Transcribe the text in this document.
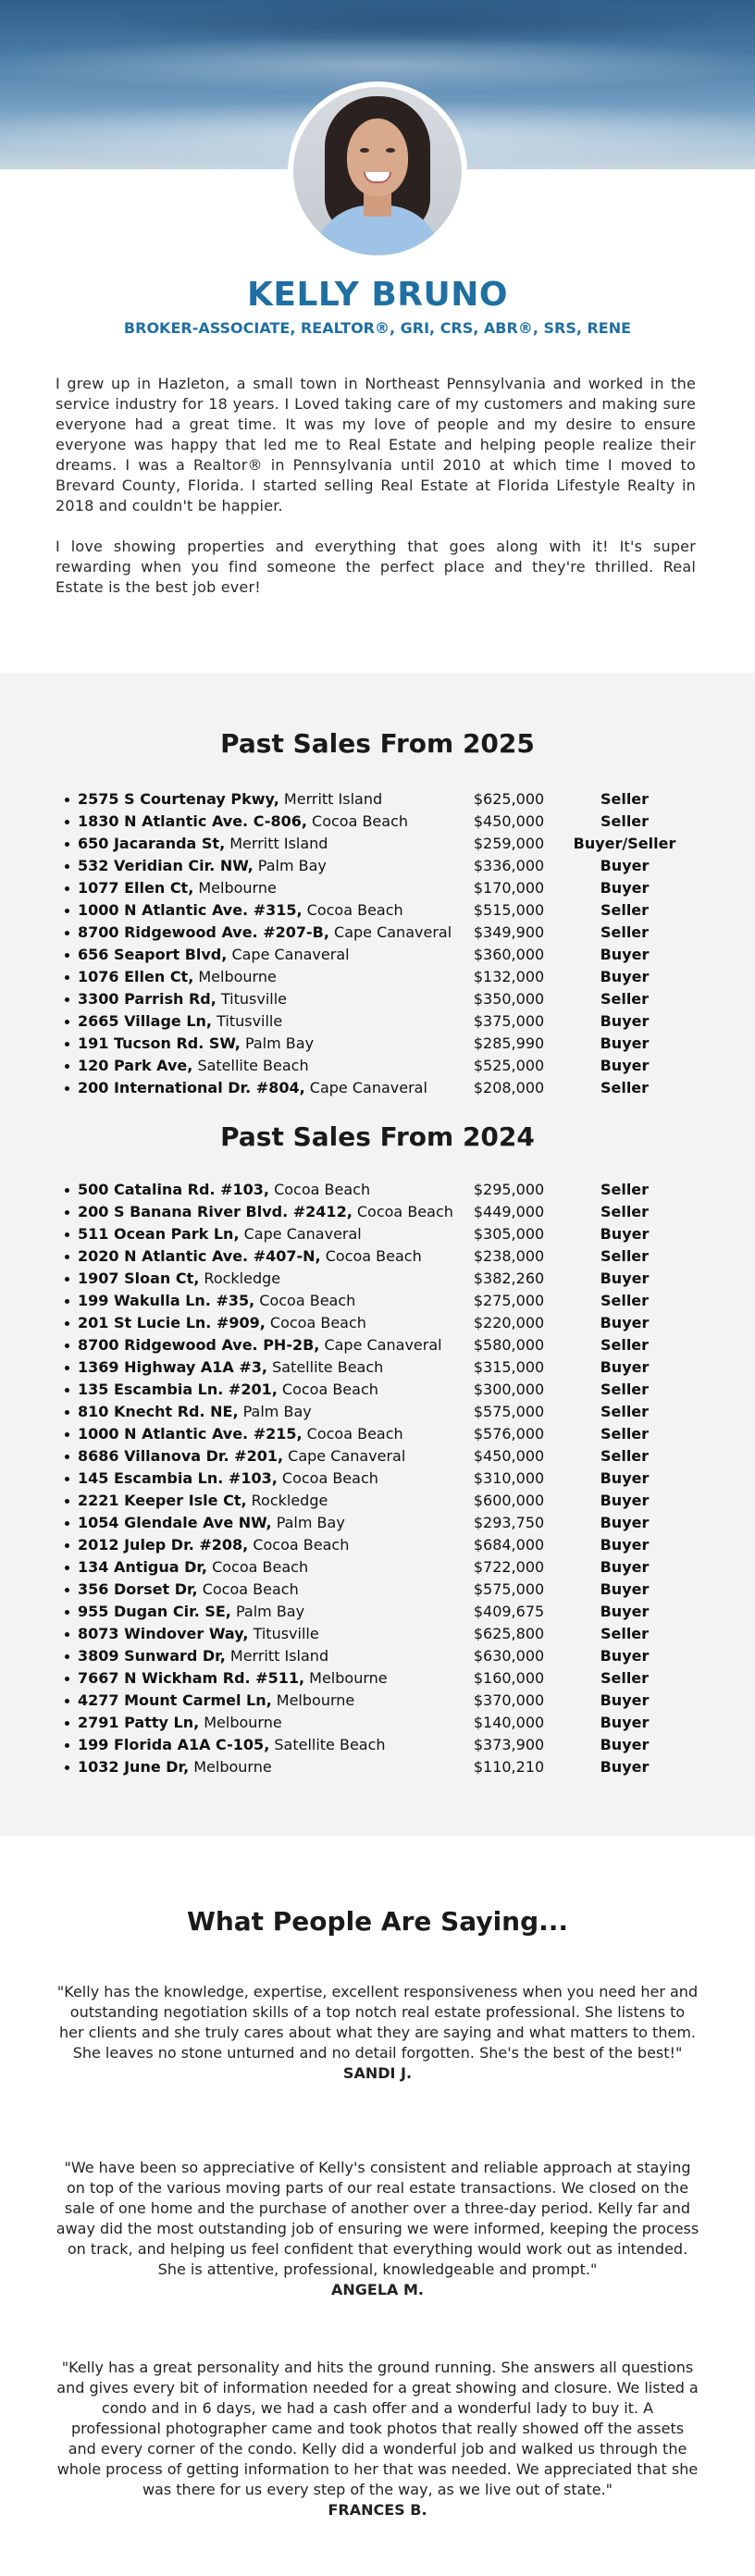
KELLY BRUNO
BROKER-ASSOCIATE, REALTOR®, GRI, CRS, ABR®, SRS, RENE

I grew up in Hazleton, a small town in Northeast Pennsylvania and worked in the service industry for 18 years. I Loved taking care of my customers and making sure everyone had a great time. It was my love of people and my desire to ensure everyone was happy that led me to Real Estate and helping people realize their dreams. I was a Realtor® in Pennsylvania until 2010 at which time I moved to Brevard County, Florida. I started selling Real Estate at Florida Lifestyle Realty in 2018 and couldn't be happier.

I love showing properties and everything that goes along with it! It's super rewarding when you find someone the perfect place and they're thrilled. Real Estate is the best job ever!

Past Sales From 2025
2575 S Courtenay Pkwy, Merritt Island	$625,000	Seller
1830 N Atlantic Ave. C-806, Cocoa Beach	$450,000	Seller
650 Jacaranda St, Merritt Island	$259,000	Buyer/Seller
532 Veridian Cir. NW, Palm Bay	$336,000	Buyer
1077 Ellen Ct, Melbourne	$170,000	Buyer
1000 N Atlantic Ave. #315, Cocoa Beach	$515,000	Seller
8700 Ridgewood Ave. #207-B, Cape Canaveral	$349,900	Seller
656 Seaport Blvd, Cape Canaveral	$360,000	Buyer
1076 Ellen Ct, Melbourne	$132,000	Buyer
3300 Parrish Rd, Titusville	$350,000	Seller
2665 Village Ln, Titusville	$375,000	Buyer
191 Tucson Rd. SW, Palm Bay	$285,990	Buyer
120 Park Ave, Satellite Beach	$525,000	Buyer
200 International Dr. #804, Cape Canaveral	$208,000	Seller
Past Sales From 2024
500 Catalina Rd. #103, Cocoa Beach	$295,000	Seller
200 S Banana River Blvd. #2412, Cocoa Beach	$449,000	Seller
511 Ocean Park Ln, Cape Canaveral	$305,000	Buyer
2020 N Atlantic Ave. #407-N, Cocoa Beach	$238,000	Seller
1907 Sloan Ct, Rockledge	$382,260	Buyer
199 Wakulla Ln. #35, Cocoa Beach	$275,000	Seller
201 St Lucie Ln. #909, Cocoa Beach	$220,000	Buyer
8700 Ridgewood Ave. PH-2B, Cape Canaveral	$580,000	Seller
1369 Highway A1A #3, Satellite Beach	$315,000	Buyer
135 Escambia Ln. #201, Cocoa Beach	$300,000	Seller
810 Knecht Rd. NE, Palm Bay	$575,000	Seller
1000 N Atlantic Ave. #215, Cocoa Beach	$576,000	Seller
8686 Villanova Dr. #201, Cape Canaveral	$450,000	Seller
145 Escambia Ln. #103, Cocoa Beach	$310,000	Buyer
2221 Keeper Isle Ct, Rockledge	$600,000	Buyer
1054 Glendale Ave NW, Palm Bay	$293,750	Buyer
2012 Julep Dr. #208, Cocoa Beach	$684,000	Buyer
134 Antigua Dr, Cocoa Beach	$722,000	Buyer
356 Dorset Dr, Cocoa Beach	$575,000	Buyer
955 Dugan Cir. SE, Palm Bay	$409,675	Buyer
8073 Windover Way, Titusville	$625,800	Seller
3809 Sunward Dr, Merritt Island	$630,000	Buyer
7667 N Wickham Rd. #511, Melbourne	$160,000	Seller
4277 Mount Carmel Ln, Melbourne	$370,000	Buyer
2791 Patty Ln, Melbourne	$140,000	Buyer
199 Florida A1A C-105, Satellite Beach	$373,900	Buyer
1032 June Dr, Melbourne	$110,210	Buyer
What People Are Saying...
"Kelly has the knowledge, expertise, excellent responsiveness when you need her and outstanding negotiation skills of a top notch real estate professional. She listens to her clients and she truly cares about what they are saying and what matters to them. She leaves no stone unturned and no detail forgotten. She's the best of the best!"
SANDI J.
"We have been so appreciative of Kelly's consistent and reliable approach at staying on top of the various moving parts of our real estate transactions. We closed on the sale of one home and the purchase of another over a three-day period. Kelly far and away did the most outstanding job of ensuring we were informed, keeping the process on track, and helping us feel confident that everything would work out as intended. She is attentive, professional, knowledgeable and prompt."
ANGELA M.
"Kelly has a great personality and hits the ground running. She answers all questions and gives every bit of information needed for a great showing and closure. We listed a condo and in 6 days, we had a cash offer and a wonderful lady to buy it. A professional photographer came and took photos that really showed off the assets and every corner of the condo. Kelly did a wonderful job and walked us through the whole process of getting information to her that was needed. We appreciated that she was there for us every step of the way, as we live out of state."
FRANCES B.
